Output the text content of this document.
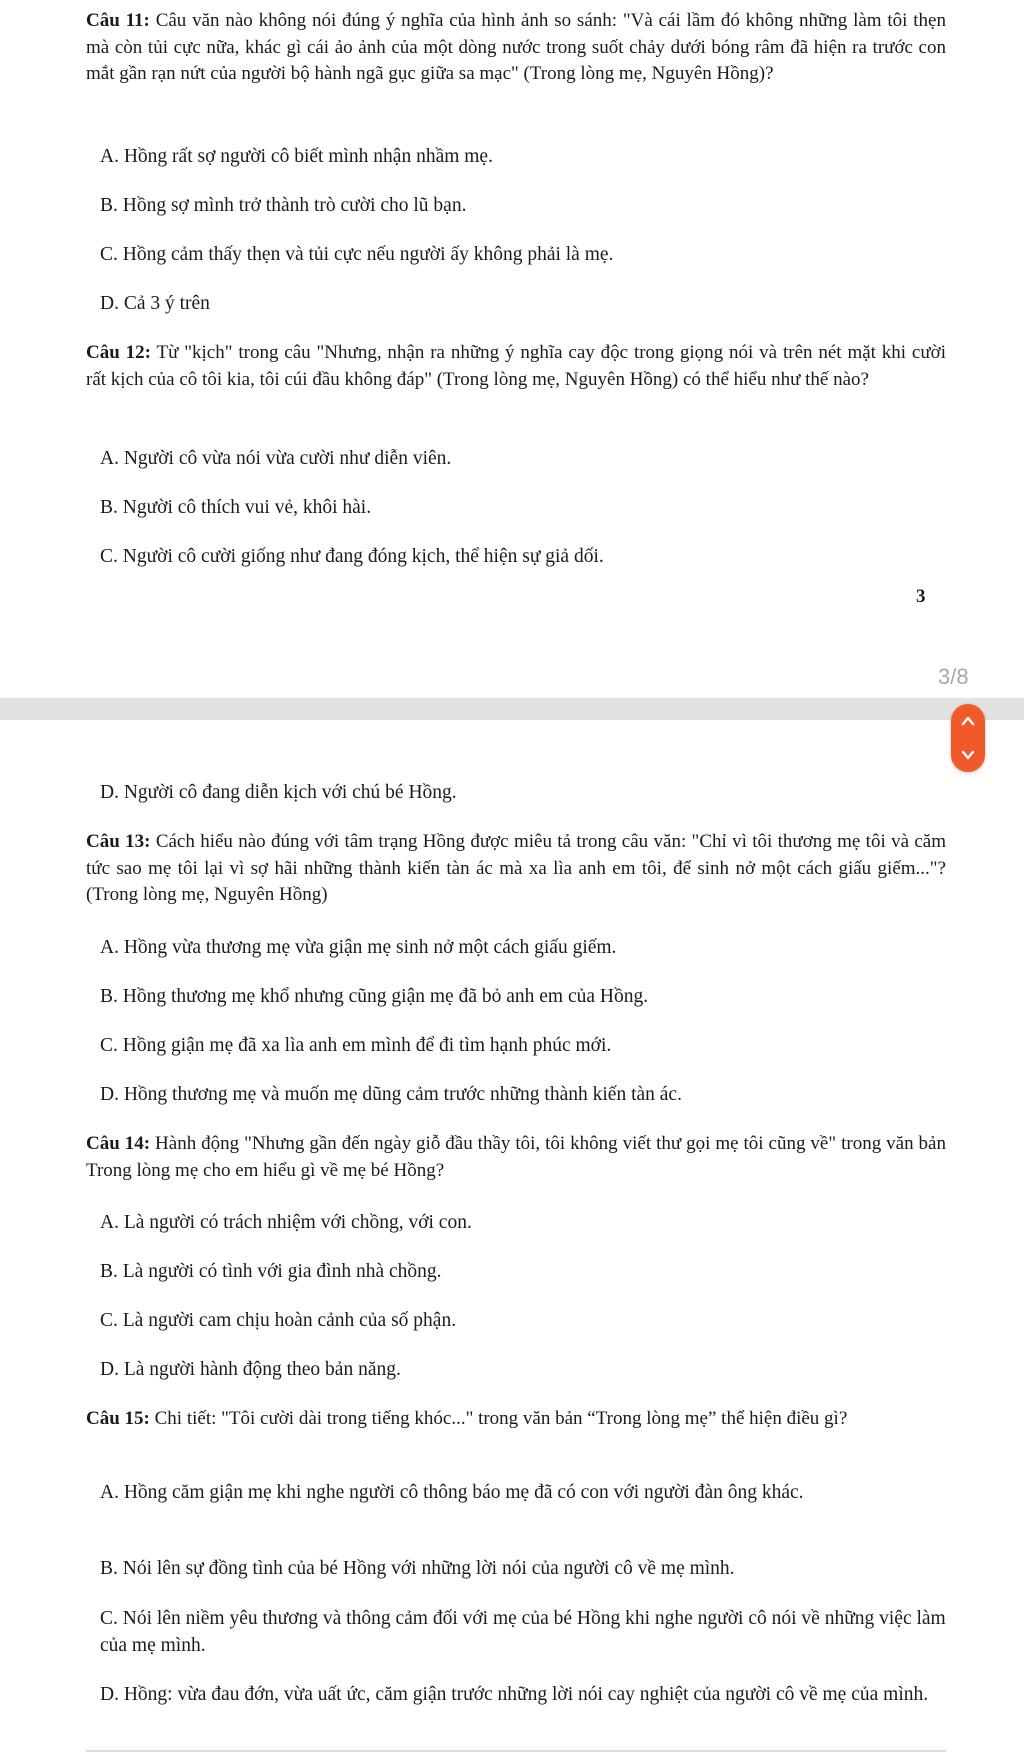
Câu 11: Câu văn nào không nói đúng ý nghĩa của hình ảnh so sánh: "Và cái lầm đó không những làm tôi thẹn mà còn tủi cực nữa, khác gì cái ảo ảnh của một dòng nước trong suốt chảy dưới bóng râm đã hiện ra trước con mắt gần rạn nứt của người bộ hành ngã gục giữa sa mạc" (Trong lòng mẹ, Nguyên Hồng)?

A. Hồng rất sợ người cô biết mình nhận nhầm mẹ.

B. Hồng sợ mình trở thành trò cười cho lũ bạn.

C. Hồng cảm thấy thẹn và tủi cực nếu người ấy không phải là mẹ.

D. Cả 3 ý trên

Câu 12: Từ "kịch" trong câu "Nhưng, nhận ra những ý nghĩa cay độc trong giọng nói và trên nét mặt khi cười rất kịch của cô tôi kia, tôi cúi đầu không đáp" (Trong lòng mẹ, Nguyên Hồng) có thể hiểu như thế nào?

A. Người cô vừa nói vừa cười như diễn viên.

B. Người cô thích vui vẻ, khôi hài.

C. Người cô cười giống như đang đóng kịch, thể hiện sự giả dối.

3
3/8

D. Người cô đang diễn kịch với chú bé Hồng.

Câu 13: Cách hiểu nào đúng với tâm trạng Hồng được miêu tả trong câu văn: "Chỉ vì tôi thương mẹ tôi và căm tức sao mẹ tôi lại vì sợ hãi những thành kiến tàn ác mà xa lìa anh em tôi, để sinh nở một cách giấu giếm..."? (Trong lòng mẹ, Nguyên Hồng)

A. Hồng vừa thương mẹ vừa giận mẹ sinh nở một cách giấu giếm.

B. Hồng thương mẹ khổ nhưng cũng giận mẹ đã bỏ anh em của Hồng.

C. Hồng giận mẹ đã xa lìa anh em mình để đi tìm hạnh phúc mới.

D. Hồng thương mẹ và muốn mẹ dũng cảm trước những thành kiến tàn ác.

Câu 14: Hành động "Nhưng gần đến ngày giỗ đầu thầy tôi, tôi không viết thư gọi mẹ tôi cũng về" trong văn bản Trong lòng mẹ cho em hiểu gì về mẹ bé Hồng?

A. Là người có trách nhiệm với chồng, với con.

B. Là người có tình với gia đình nhà chồng.

C. Là người cam chịu hoàn cảnh của số phận.

D. Là người hành động theo bản năng.

Câu 15: Chi tiết: "Tôi cười dài trong tiếng khóc..." trong văn bản “Trong lòng mẹ” thể hiện điều gì?

A. Hồng căm giận mẹ khi nghe người cô thông báo mẹ đã có con với người đàn ông khác.

B. Nói lên sự đồng tình của bé Hồng với những lời nói của người cô về mẹ mình.

C. Nói lên niềm yêu thương và thông cảm đối với mẹ của bé Hồng khi nghe người cô nói về những việc làm của mẹ mình.

D. Hồng: vừa đau đớn, vừa uất ức, căm giận trước những lời nói cay nghiệt của người cô về mẹ của mình.
